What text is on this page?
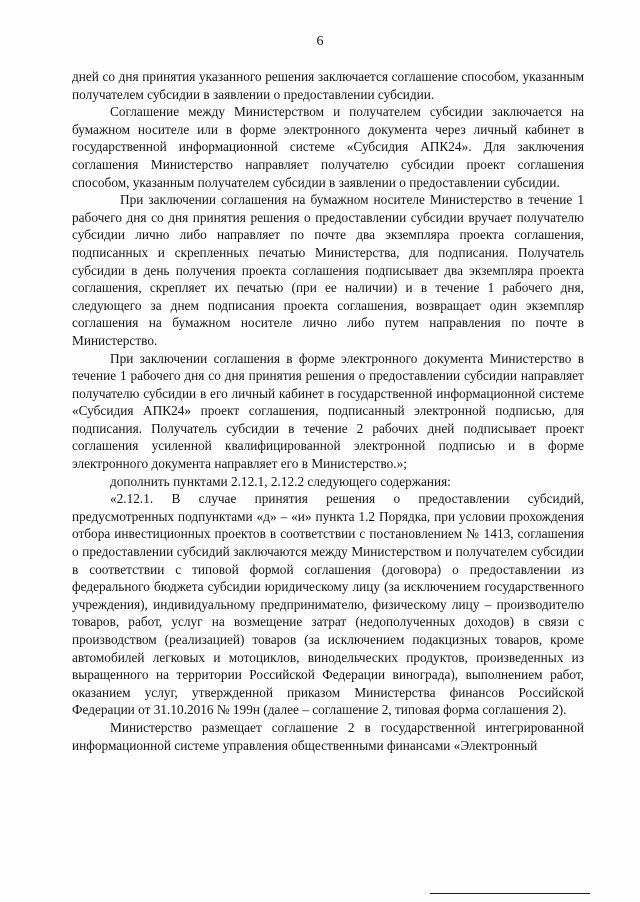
6

дней со дня принятия указанного решения заключается соглашение способом, указанным получателем субсидии в заявлении о предоставлении субсидии.

Соглашение между Министерством и получателем субсидии заключается на бумажном носителе или в форме электронного документа через личный кабинет в государственной информационной системе «Субсидия АПК24». Для заключения соглашения Министерство направляет получателю субсидии проект соглашения способом, указанным получателем субсидии в заявлении о предоставлении субсидии.

При заключении соглашения на бумажном носителе Министерство в течение 1 рабочего дня со дня принятия решения о предоставлении субсидии вручает получателю субсидии лично либо направляет по почте два экземпляра проекта соглашения, подписанных и скрепленных печатью Министерства, для подписания. Получатель субсидии в день получения проекта соглашения подписывает два экземпляра проекта соглашения, скрепляет их печатью (при ее наличии) и в течение 1 рабочего дня, следующего за днем подписания проекта соглашения, возвращает один экземпляр соглашения на бумажном носителе лично либо путем направления по почте в Министерство.

При заключении соглашения в форме электронного документа Министерство в течение 1 рабочего дня со дня принятия решения о предоставлении субсидии направляет получателю субсидии в его личный кабинет в государственной информационной системе «Субсидия АПК24» проект соглашения, подписанный электронной подписью, для подписания. Получатель субсидии в течение 2 рабочих дней подписывает проект соглашения усиленной квалифицированной электронной подписью и в форме электронного документа направляет его в Министерство.»;

дополнить пунктами 2.12.1, 2.12.2 следующего содержания:

«2.12.1. В случае принятия решения о предоставлении субсидий, предусмотренных подпунктами «д» – «и» пункта 1.2 Порядка, при условии прохождения отбора инвестиционных проектов в соответствии с постановлением № 1413, соглашения о предоставлении субсидий заключаются между Министерством и получателем субсидии в соответствии с типовой формой соглашения (договора) о предоставлении из федерального бюджета субсидии юридическому лицу (за исключением государственного учреждения), индивидуальному предпринимателю, физическому лицу – производителю товаров, работ, услуг на возмещение затрат (недополученных доходов) в связи с производством (реализацией) товаров (за исключением подакцизных товаров, кроме автомобилей легковых и мотоциклов, винодельческих продуктов, произведенных из выращенного на территории Российской Федерации винограда), выполнением работ, оказанием услуг, утвержденной приказом Министерства финансов Российской Федерации от 31.10.2016 № 199н (далее – соглашение 2, типовая форма соглашения 2).

Министерство размещает соглашение 2 в государственной интегрированной информационной системе управления общественными финансами «Электронный
